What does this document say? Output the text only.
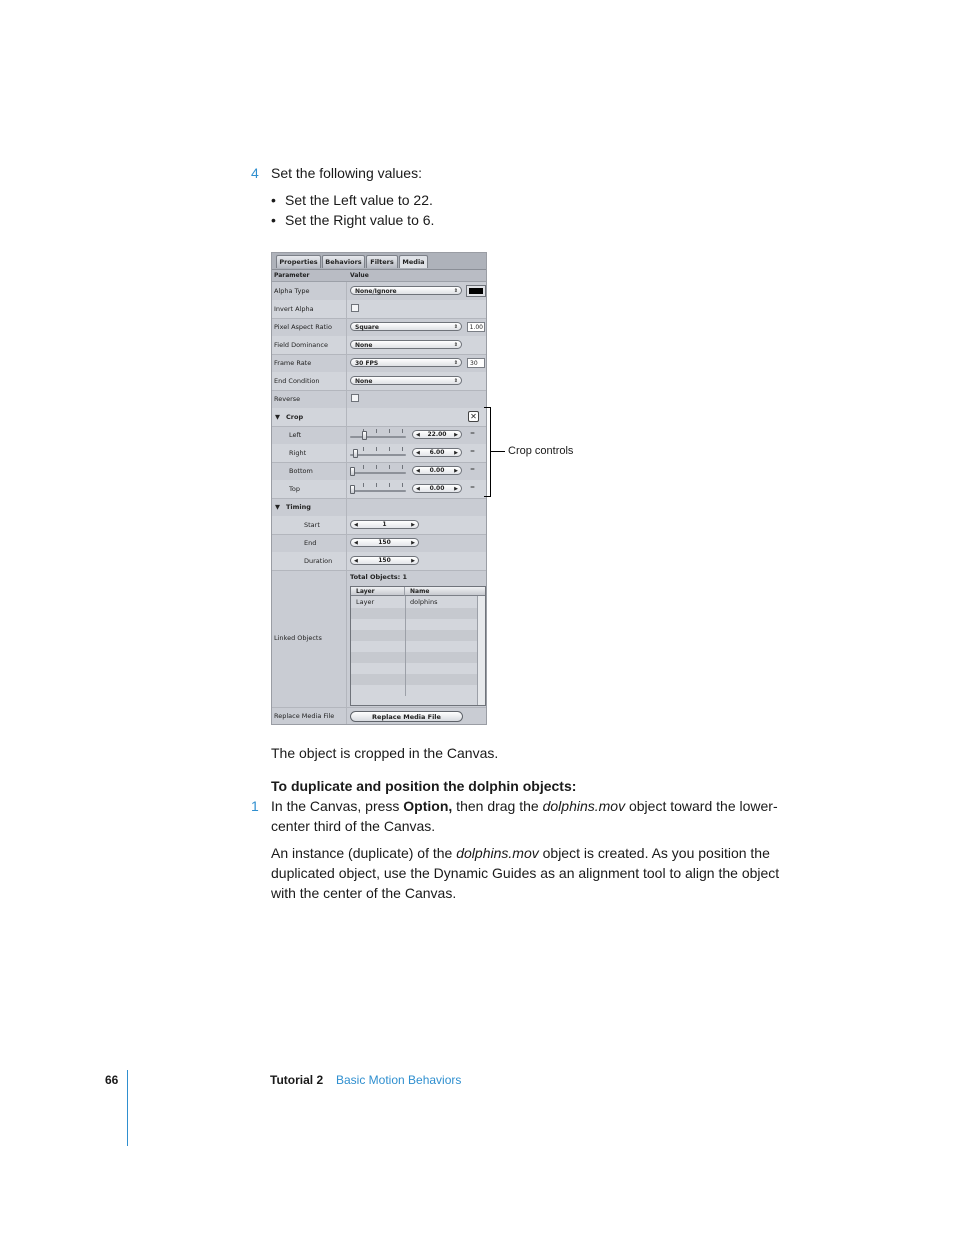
4 Set the following values:
• Set the Left value to 22.
• Set the Right value to 6.
Properties	Behaviors	Filters	Media
Parameter	Value
Alpha Type	None/Ignore	⇕
Invert Alpha
Pixel Aspect Ratio	Square	⇕	1.00
Field Dominance	None	⇕
Frame Rate	30 FPS	⇕	30
End Condition	None	⇕
Reverse
▼ Crop	✕
Left	◀ 22.00 ▶ =
Right	◀ 6.00 ▶ =
Bottom	◀ 0.00 ▶ =
Top	◀ 0.00 ▶ =
▼ Timing
Start	◀	1	▶
End	◀	150	▶
Duration	◀	150	▶
Linked Objects
Total Objects: 1
Layer	Name
Layer	dolphins
Replace Media File	Replace Media File
Crop controls
The object is cropped in the Canvas.
To duplicate and position the dolphin objects:
1 In the Canvas, press Option, then drag the dolphins.mov object toward the lower-center third of the Canvas.
An instance (duplicate) of the dolphins.mov object is created. As you position the duplicated object, use the Dynamic Guides as an alignment tool to align the object with the center of the Canvas.
66	Tutorial 2 Basic Motion Behaviors
